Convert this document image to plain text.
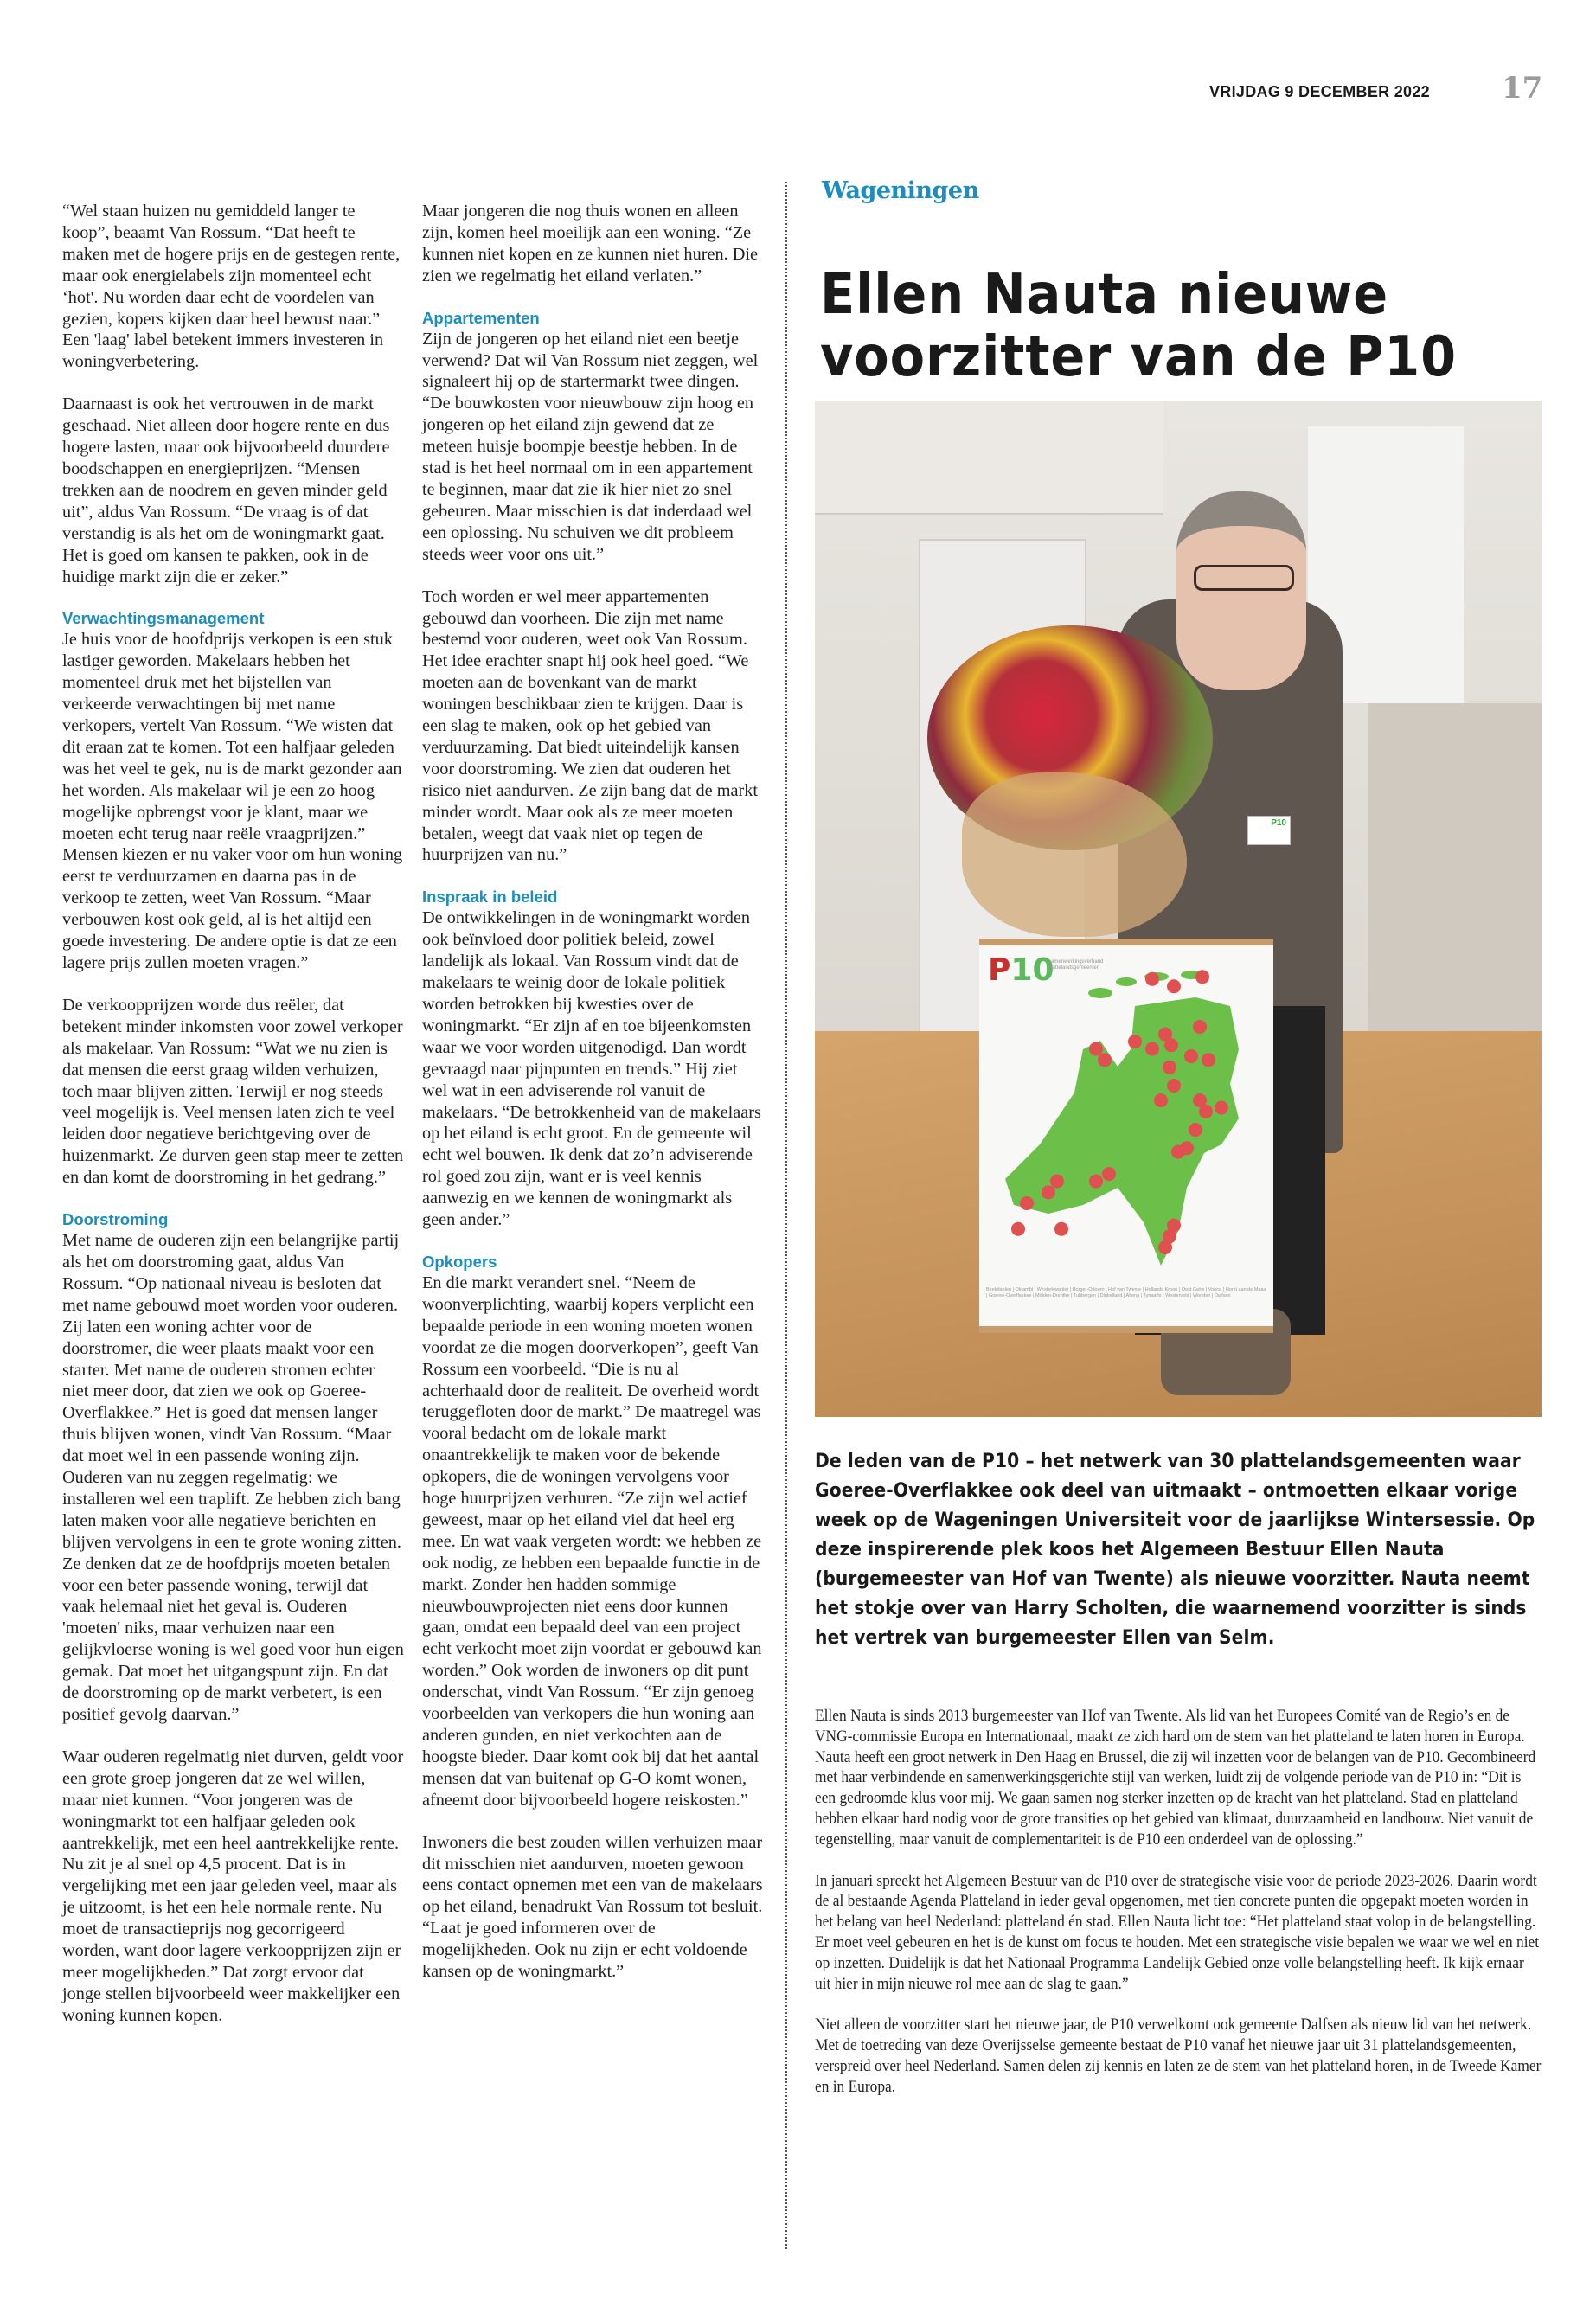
VRIJDAG 9 DECEMBER 2022 17

“Wel staan huizen nu gemiddeld langer te koop”, beaamt Van Rossum. “Dat heeft te maken met de hogere prijs en de gestegen rente, maar ook energielabels zijn momenteel echt ‘hot'. Nu worden daar echt de voordelen van gezien, kopers kijken daar heel bewust naar.” Een 'laag' label betekent immers investeren in woningverbetering.

Daarnaast is ook het vertrouwen in de markt geschaad. Niet alleen door hogere rente en dus hogere lasten, maar ook bijvoorbeeld duurdere boodschappen en energieprijzen. “Mensen trekken aan de noodrem en geven minder geld uit”, aldus Van Rossum. “De vraag is of dat verstandig is als het om de woningmarkt gaat. Het is goed om kansen te pakken, ook in de huidige markt zijn die er zeker.”

Verwachtingsmanagement

Je huis voor de hoofdprijs verkopen is een stuk lastiger geworden. Makelaars hebben het momenteel druk met het bijstellen van verkeerde verwachtingen bij met name verkopers, vertelt Van Rossum. “We wisten dat dit eraan zat te komen. Tot een halfjaar geleden was het veel te gek, nu is de markt gezonder aan het worden. Als makelaar wil je een zo hoog mogelijke opbrengst voor je klant, maar we moeten echt terug naar reële vraagprijzen.” Mensen kiezen er nu vaker voor om hun woning eerst te verduurzamen en daarna pas in de verkoop te zetten, weet Van Rossum. “Maar verbouwen kost ook geld, al is het altijd een goede investering. De andere optie is dat ze een lagere prijs zullen moeten vragen.”

De verkoopprijzen worde dus reëler, dat betekent minder inkomsten voor zowel verkoper als makelaar. Van Rossum: “Wat we nu zien is dat mensen die eerst graag wilden verhuizen, toch maar blijven zitten. Terwijl er nog steeds veel mogelijk is. Veel mensen laten zich te veel leiden door negatieve berichtgeving over de huizenmarkt. Ze durven geen stap meer te zetten en dan komt de doorstroming in het gedrang.”

Doorstroming

Met name de ouderen zijn een belangrijke partij als het om doorstroming gaat, aldus Van Rossum. “Op nationaal niveau is besloten dat met name gebouwd moet worden voor ouderen. Zij laten een woning achter voor de doorstromer, die weer plaats maakt voor een starter. Met name de ouderen stromen echter niet meer door, dat zien we ook op Goeree-Overflakkee.” Het is goed dat mensen langer thuis blijven wonen, vindt Van Rossum. “Maar dat moet wel in een passende woning zijn. Ouderen van nu zeggen regelmatig: we installeren wel een traplift. Ze hebben zich bang laten maken voor alle negatieve berichten en blijven vervolgens in een te grote woning zitten. Ze denken dat ze de hoofdprijs moeten betalen voor een beter passende woning, terwijl dat vaak helemaal niet het geval is. Ouderen 'moeten' niks, maar verhuizen naar een gelijkvloerse woning is wel goed voor hun eigen gemak. Dat moet het uitgangspunt zijn. En dat de doorstroming op de markt verbetert, is een positief gevolg daarvan.”

Waar ouderen regelmatig niet durven, geldt voor een grote groep jongeren dat ze wel willen, maar niet kunnen. “Voor jongeren was de woningmarkt tot een halfjaar geleden ook aantrekkelijk, met een heel aantrekkelijke rente. Nu zit je al snel op 4,5 procent. Dat is in vergelijking met een jaar geleden veel, maar als je uitzoomt, is het een hele normale rente. Nu moet de transactieprijs nog gecorrigeerd worden, want door lagere verkoopprijzen zijn er meer mogelijkheden.” Dat zorgt ervoor dat jonge stellen bijvoorbeeld weer makkelijker een woning kunnen kopen.

Maar jongeren die nog thuis wonen en alleen zijn, komen heel moeilijk aan een woning. “Ze kunnen niet kopen en ze kunnen niet huren. Die zien we regelmatig het eiland verlaten.”

Appartementen

Zijn de jongeren op het eiland niet een beetje verwend? Dat wil Van Rossum niet zeggen, wel signaleert hij op de startermarkt twee dingen. “De bouwkosten voor nieuwbouw zijn hoog en jongeren op het eiland zijn gewend dat ze meteen huisje boompje beestje hebben. In de stad is het heel normaal om in een appartement te beginnen, maar dat zie ik hier niet zo snel gebeuren. Maar misschien is dat inderdaad wel een oplossing. Nu schuiven we dit probleem steeds weer voor ons uit.”

Toch worden er wel meer appartementen gebouwd dan voorheen. Die zijn met name bestemd voor ouderen, weet ook Van Rossum. Het idee erachter snapt hij ook heel goed. “We moeten aan de bovenkant van de markt woningen beschikbaar zien te krijgen. Daar is een slag te maken, ook op het gebied van verduurzaming. Dat biedt uiteindelijk kansen voor doorstroming. We zien dat ouderen het risico niet aandurven. Ze zijn bang dat de markt minder wordt. Maar ook als ze meer moeten betalen, weegt dat vaak niet op tegen de huurprijzen van nu.”

Inspraak in beleid

De ontwikkelingen in de woningmarkt worden ook beïnvloed door politiek beleid, zowel landelijk als lokaal. Van Rossum vindt dat de makelaars te weinig door de lokale politiek worden betrokken bij kwesties over de woningmarkt. “Er zijn af en toe bijeenkomsten waar we voor worden uitgenodigd. Dan wordt gevraagd naar pijnpunten en trends.” Hij ziet wel wat in een adviserende rol vanuit de makelaars. “De betrokkenheid van de makelaars op het eiland is echt groot. En de gemeente wil echt wel bouwen. Ik denk dat zo’n adviserende rol goed zou zijn, want er is veel kennis aanwezig en we kennen de woningmarkt als geen ander.”

Opkopers

En die markt verandert snel. “Neem de woonverplichting, waarbij kopers verplicht een bepaalde periode in een woning moeten wonen voordat ze die mogen doorverkopen”, geeft Van Rossum een voorbeeld. “Die is nu al achterhaald door de realiteit. De overheid wordt teruggefloten door de markt.” De maatregel was vooral bedacht om de lokale markt onaantrekkelijk te maken voor de bekende opkopers, die de woningen vervolgens voor hoge huurprijzen verhuren. “Ze zijn wel actief geweest, maar op het eiland viel dat heel erg mee. En wat vaak vergeten wordt: we hebben ze ook nodig, ze hebben een bepaalde functie in de markt. Zonder hen hadden sommige nieuwbouwprojecten niet eens door kunnen gaan, omdat een bepaald deel van een project echt verkocht moet zijn voordat er gebouwd kan worden.” Ook worden de inwoners op dit punt onderschat, vindt Van Rossum. “Er zijn genoeg voorbeelden van verkopers die hun woning aan anderen gunden, en niet verkochten aan de hoogste bieder. Daar komt ook bij dat het aantal mensen dat van buitenaf op G-O komt wonen, afneemt door bijvoorbeeld hogere reiskosten.”

Inwoners die best zouden willen verhuizen maar dit misschien niet aandurven, moeten gewoon eens contact opnemen met een van de makelaars op het eiland, benadrukt Van Rossum tot besluit. “Laat je goed informeren over de mogelijkheden. Ook nu zijn er echt voldoende kansen op de woningmarkt.”

Wageningen
Ellen Nauta nieuwe voorzitter van de P10
P10
P10
samenwerkingsverband plattelandsgemeenten
Beekdaelen | Oldambt | Westerkwartier | Borger-Odoorn | Hof van Twente | Hollands Kroon | Oost Gelre | Voorst | Horst aan de Maas | Goeree-Overflakkee | Midden-Drenthe | Tubbergen | Dinkelland | Altena | Tynaarlo | Westerveld | Wierden | Dalfsen
De leden van de P10 – het netwerk van 30 plattelandsgemeenten waar Goeree-Overflakkee ook deel van uitmaakt – ontmoetten elkaar vorige week op de Wageningen Universiteit voor de jaarlijkse Wintersessie. Op deze inspirerende plek koos het Algemeen Bestuur Ellen Nauta (burgemeester van Hof van Twente) als nieuwe voorzitter. Nauta neemt het stokje over van Harry Scholten, die waarnemend voorzitter is sinds het vertrek van burgemeester Ellen van Selm.

Ellen Nauta is sinds 2013 burgemeester van Hof van Twente. Als lid van het Europees Comité van de Regio’s en de VNG-commissie Europa en Internationaal, maakt ze zich hard om de stem van het platteland te laten horen in Europa. Nauta heeft een groot netwerk in Den Haag en Brussel, die zij wil inzetten voor de belangen van de P10. Gecombineerd met haar verbindende en samenwerkingsgerichte stijl van werken, luidt zij de volgende periode van de P10 in: “Dit is een gedroomde klus voor mij. We gaan samen nog sterker inzetten op de kracht van het platteland. Stad en platteland hebben elkaar hard nodig voor de grote transities op het gebied van klimaat, duurzaamheid en landbouw. Niet vanuit de tegenstelling, maar vanuit de complementariteit is de P10 een onderdeel van de oplossing.”

In januari spreekt het Algemeen Bestuur van de P10 over de strategische visie voor de periode 2023-2026. Daarin wordt de al bestaande Agenda Platteland in ieder geval opgenomen, met tien concrete punten die opgepakt moeten worden in het belang van heel Nederland: platteland én stad. Ellen Nauta licht toe: “Het platteland staat volop in de belangstelling. Er moet veel gebeuren en het is de kunst om focus te houden. Met een strategische visie bepalen we waar we wel en niet op inzetten. Duidelijk is dat het Nationaal Programma Landelijk Gebied onze volle belangstelling heeft. Ik kijk ernaar uit hier in mijn nieuwe rol mee aan de slag te gaan.”

Niet alleen de voorzitter start het nieuwe jaar, de P10 verwelkomt ook gemeente Dalfsen als nieuw lid van het netwerk. Met de toetreding van deze Overijsselse gemeente bestaat de P10 vanaf het nieuwe jaar uit 31 plattelandsgemeenten, verspreid over heel Nederland. Samen delen zij kennis en laten ze de stem van het platteland horen, in de Tweede Kamer en in Europa.
